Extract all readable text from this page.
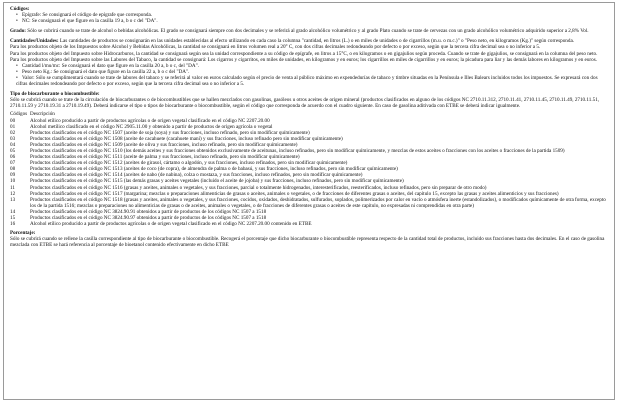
Códigos:

• Epígrafe: Se consignará el código de epígrafe que corresponda.

• NC: Se consignará el que figure en la casilla 19 a, b o c del "DA".

Grado: Sólo se cubrirá cuando se trate de alcohol o bebidas alcohólicas. El grado se consignará siempre con dos decimales y se referirá al grado alcohólico volumétrico y al grado Plato cuando se trate de cervezas con un grado alcohólico volumétrico adquirido superior a 2,8% Vol.

Cantidades/Unidades: Las cantidades de productos se consignarán en las unidades establecidas al efecto utilizando en cada caso la columna "cantidad, en litros (L.) o en miles de unidades o de cigarrillos (m.u. o m.c.)" o "Peso neto, en kilogramos (Kg.)" según corresponda.

Para los productos objeto de los Impuestos sobre Alcohol y Bebidas Alcohólicas, la cantidad se consignará en litros volumen real a 20° C, con dos cifras decimales redondeando por defecto o por exceso, según que la tercera cifra decimal sea o no inferior a 5.

Para los productos objeto del Impuesto sobre Hidrocarburos, la cantidad se consignará según sea la unidad correspondiente a su código de epígrafe, en litros a 15°C, o en kilogramos o en gigajulios según proceda. Cuando se trate de gigajulios, se consignará en la columna del peso neto.

Para los productos objeto del Impuesto sobre las Labores del Tabaco, la cantidad se consignará: Los cigarros y cigarritos, en miles de unidades, en kilogramos y en euros; los cigarrillos en miles de cigarrillos y en euros; la picadura para liar y las demás labores en kilogramos y en euros.

• Cantidad l/mu/mc: Se consignará el dato que figure en la casilla 20 a, b o c, del "DA".

• Peso neto Kg.: Se consignará el dato que figure en la casilla 22 a, b o c del "DA".

• Valor: Sólo se cumplimentará cuando se trate de labores del tabaco y se referirá al valor en euros calculado según el precio de venta al público máximo en expendedurías de tabaco y timbre situadas en la Península e Illes Balears incluidos todos los impuestos. Se expresará con dos cifras decimales redondeando por defecto o por exceso, según que la tercera cifra decimal sea o no inferior a 5.

Tipo de biocarburante o biocombustible:

Sólo se cubrirá cuando se trate de la circulación de biocarburantes o de biocombustibles que se hallen mezclados con gasolinas, gasóleos u otros aceites de origen mineral (productos clasificados en alguno de los códigos NC 2710.11.312, 2710.11.41, 2710.11.45, 2710.11.49, 2710.11.51, 2710.11.59 y 2710.19.31 a 2710.19.49). Deberá indicarse el tipo o tipos de biocarburante o biocombustible, según el código que corresponda de acuerdo con el cuadro siguiente. En caso de gasolina aditivada con ETBE se deberá indicar igualmente.

Códigos Descripción
00	Alcohol etílico producido a partir de productos agrícolas o de origen vegetal clasificado en el código NC 2207.20.00
01	Alcohol metílico clasificado en el código NC 2905.11.00 y obtenido a partir de productos de origen agrícola o vegetal
02	Productos clasificados en el código NC 1507 (aceite de soja (soya) y sus fracciones, incluso refinado, pero sin modificar químicamente)
03	Productos clasificados en el código NC 1508 (aceite de cacahuete (cacahuete maní) y sus fracciones, incluso refinado pero sin modificar químicamente)
04	Productos clasificados en el código NC 1509 (aceite de oliva y sus fracciones, incluso refinado, pero sin modificar químicamente)
05	Productos clasificados en el código NC 1510 (los demás aceites y sus fracciones obtenidos exclusivamente de aceitunas, incluso refinados, pero sin modificar químicamente, y mezclas de estos aceites o fracciones con los aceites o fracciones de la partida 1509)
06	Productos clasificados en el código NC 1511 (aceite de palma y sus fracciones, incluso refinado, pero sin modificar químicamente)
07	Productos clasificados en el código NC 1512 (aceites de girasol, cártamo o algodón, y sus fracciones, incluso refinados, pero sin modificar químicamente)
08	Productos clasificados en el código NC 1513 (aceites de coco (de copra), de almendra de palma o de babasú, y sus fracciones, incluso refinados, pero sin modificar químicamente)
09	Productos clasificados en el código NC 1514 (aceites de nabo (de nabina), colza o mostaza, y sus fracciones, incluso refinados, pero sin modificar químicamente)
10	Productos clasificados en el código NC 1515 (las demás grasas y aceites vegetales (incluido el aceite de jojoba) y sus fracciones, incluso refinados, pero sin modificar químicamente)
11	Productos clasificados en el código NC 1516 (grasas y aceites, animales o vegetales, y sus fracciones, parcial o totalmente hidrogenados, interesterificados, reesterificados, incluso refinados, pero sin preparar de otro modo)
12	Productos clasificados en el código NC 1517 (margarina; mezclas o preparaciones alimenticias de grasas o aceites, animales o vegetales, o de fracciones de diferentes grasas o aceites, del capítulo 15, excepto las grasas y aceites alimenticios y sus fracciones)
13	Productos clasificados en el código NC 1518 (grasas y aceites, animales o vegetales, y sus fracciones, cocidos, oxidados, deshidratados, sulfurados, soplados, polimerizados por calor en vacío o atmósfera inerte (estandolizados), o modificados químicamente de otra forma, excepto los de la partida 1516; mezclas o preparaciones no alimenticias de grasas o de aceites, animales o vegetales, o de fracciones de diferentes grasas o aceites de este capítulo, no expresadas ni comprendidas en otra parte)
14	Productos clasificados en el código NC 3824.90.91 obtenidos a partir de productos de los códigos NC 1507 a 1518
15	Productos clasificados en el código NC 3824.90.97 obtenidos a partir de productos de los códigos NC 1507 a 1518
16	Alcohol etílico producido a partir de productos agrícolas o de origen vegetal clasificado en el código NC 2207.20.00 contenido en ETBE

Porcentaje:

Sólo se cubrirá cuando se rellene la casilla correspondiente al tipo de biocarburante o biocombustible. Recogerá el porcentaje que dicho biocarburante o biocombustible representa respecto de la cantidad total de productos, incluido sus fracciones hasta dos decimales. En el caso de gasolina mezclada con ETBE se hará referencia al porcentaje de bioetanol contenido efectivamente en dicho ETBE
